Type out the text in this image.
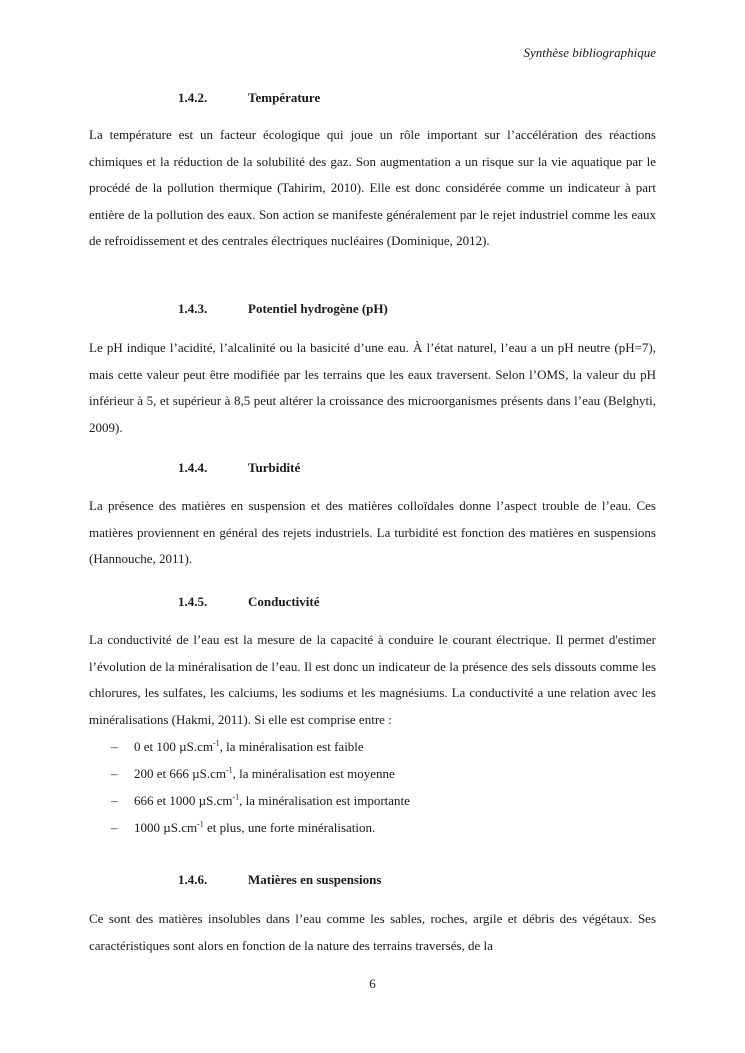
Synthèse bibliographique
1.4.2.	Température

La température est un facteur écologique qui joue un rôle important sur l’accélération des réactions chimiques et la réduction de la solubilité des gaz. Son augmentation a un risque sur la vie aquatique par le procédé de la pollution thermique (Tahirim, 2010). Elle est donc considérée comme un indicateur à part entière de la pollution des eaux. Son action se manifeste généralement par le rejet industriel comme les eaux de refroidissement et des centrales électriques nucléaires (Dominique, 2012).

1.4.3.	Potentiel hydrogène (pH)

Le pH indique l’acidité, l’alcalinité ou la basicité d’une eau. À l’état naturel, l’eau a un pH neutre (pH=7), mais cette valeur peut être modifiée par les terrains que les eaux traversent. Selon l’OMS, la valeur du pH inférieur à 5, et supérieur à 8,5 peut altérer la croissance des microorganismes présents dans l’eau (Belghyti, 2009).

1.4.4.	Turbidité

La présence des matières en suspension et des matières colloïdales donne l’aspect trouble de l’eau. Ces matières proviennent en général des rejets industriels. La turbidité est fonction des matières en suspensions (Hannouche, 2011).

1.4.5.	Conductivité

La conductivité de l’eau est la mesure de la capacité à conduire le courant électrique. Il permet d'estimer l’évolution de la minéralisation de l’eau. Il est donc un indicateur de la présence des sels dissouts comme les chlorures, les sulfates, les calciums, les sodiums et les magnésiums. La conductivité a une relation avec les minéralisations (Hakmi, 2011). Si elle est comprise entre :

– 0 et 100 $\mu S.cm^{-1}$, la minéralisation est faible
– 200 et 666 $\mu S.cm^{-1}$, la minéralisation est moyenne
– 666 et 1000 $\mu S.cm^{-1}$, la minéralisation est importante
– 1000 $\mu S.cm^{-1}$ et plus, une forte minéralisation.
1.4.6.	Matières en suspensions

Ce sont des matières insolubles dans l’eau comme les sables, roches, argile et débris des végétaux. Ses caractéristiques sont alors en fonction de la nature des terrains traversés, de la

6
